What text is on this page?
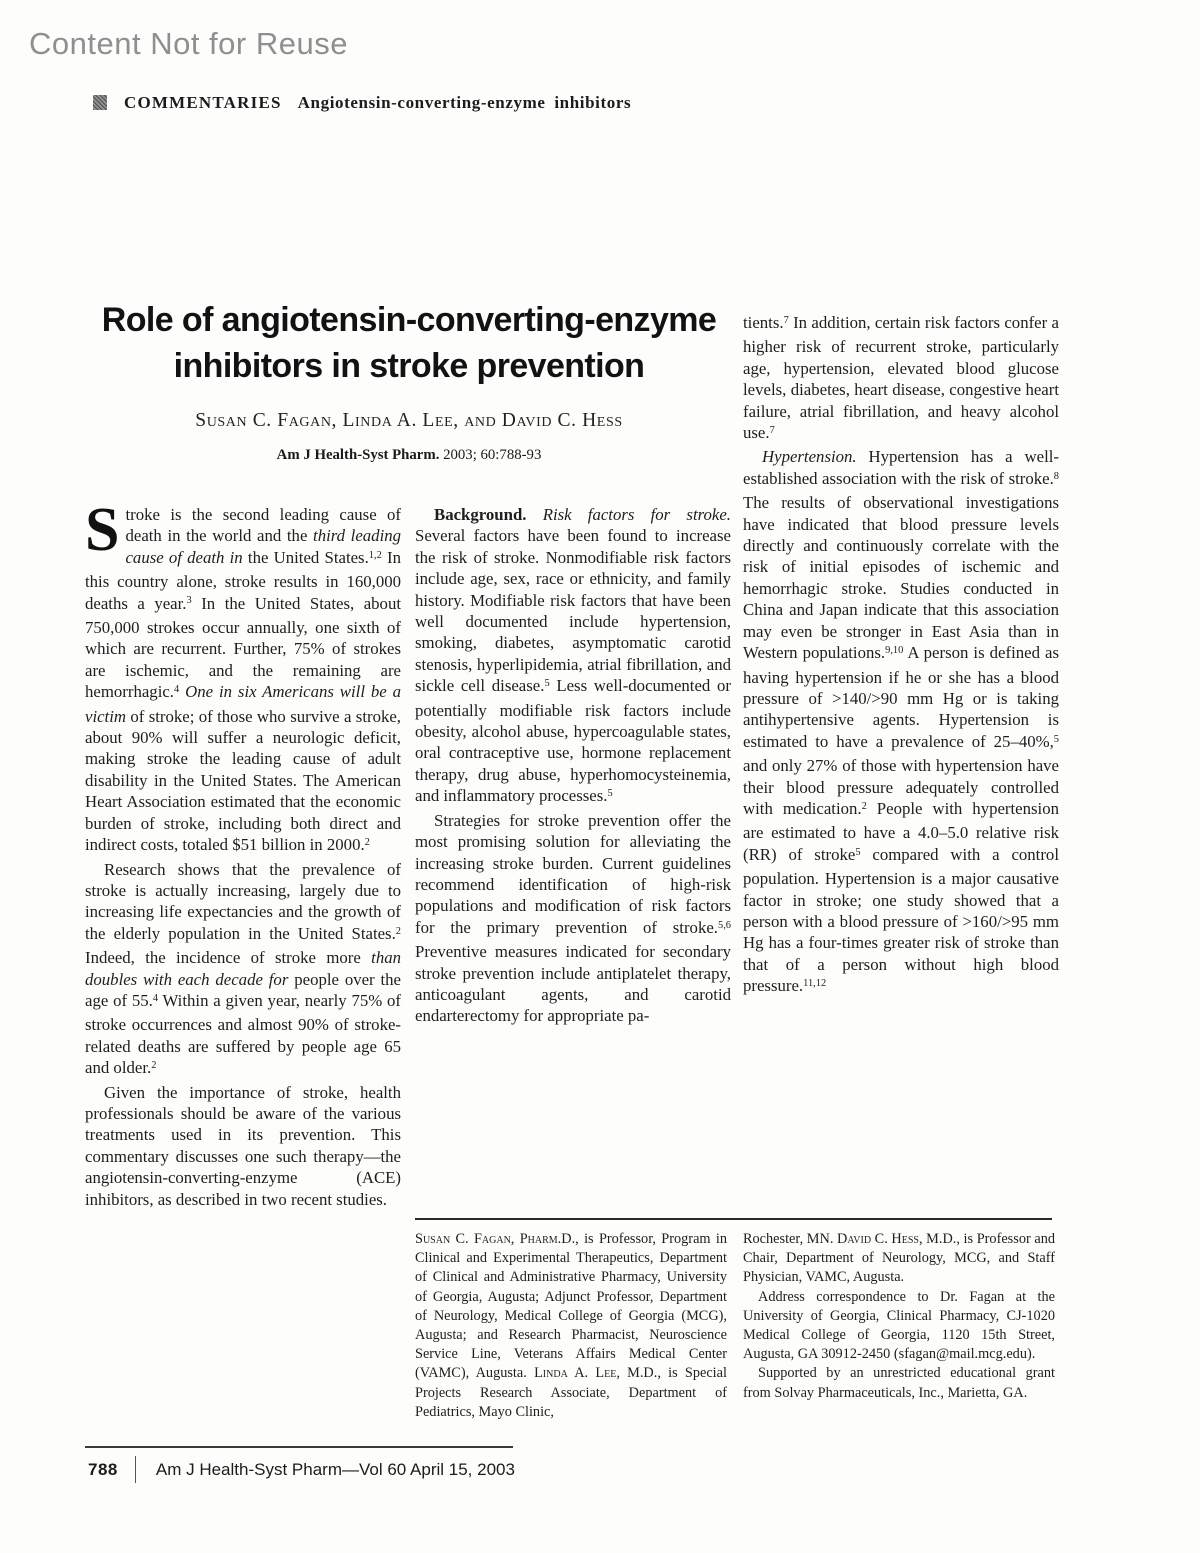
Content Not for Reuse
COMMENTARIES Angiotensin-converting-enzyme inhibitors
Role of angiotensin-converting-enzyme
inhibitors in stroke prevention
Susan C. Fagan, Linda A. Lee, and David C. Hess
Am J Health-Syst Pharm. 2003; 60:788-93

Stroke is the second leading cause of death in the world and the third leading cause of death in the United States.$^{1,2}$ In this country alone, stroke results in 160,000 deaths a year.$^3$ In the United States, about 750,000 strokes occur annually, one sixth of which are recurrent. Further, 75% of strokes are ischemic, and the remaining are hemorrhagic.$^4$ One in six Americans will be a victim of stroke; of those who survive a stroke, about 90% will suffer a neurologic deficit, making stroke the leading cause of adult disability in the United States. The American Heart Association estimated that the economic burden of stroke, including both direct and indirect costs, totaled $51 billion in 2000.$^2$

Research shows that the prevalence of stroke is actually increasing, largely due to increasing life expectancies and the growth of the elderly population in the United States.$^2$ Indeed, the incidence of stroke more than doubles with each decade for people over the age of 55.$^4$ Within a given year, nearly 75% of stroke occurrences and almost 90% of stroke-related deaths are suffered by people age 65 and older.$^2$

Given the importance of stroke, health professionals should be aware of the various treatments used in its prevention. This commentary discusses one such therapy—the angiotensin-converting-enzyme (ACE) inhibitors, as described in two recent studies.

Background. Risk factors for stroke. Several factors have been found to increase the risk of stroke. Nonmodifiable risk factors include age, sex, race or ethnicity, and family history. Modifiable risk factors that have been well documented include hypertension, smoking, diabetes, asymptomatic carotid stenosis, hyperlipidemia, atrial fibrillation, and sickle cell disease.$^5$ Less well-documented or potentially modifiable risk factors include obesity, alcohol abuse, hypercoagulable states, oral contraceptive use, hormone replacement therapy, drug abuse, hyperhomocysteinemia, and inflammatory processes.$^5$

Strategies for stroke prevention offer the most promising solution for alleviating the increasing stroke burden. Current guidelines recommend identification of high-risk populations and modification of risk factors for the primary prevention of stroke.$^{5,6}$ Preventive measures indicated for secondary stroke prevention include antiplatelet therapy, anticoagulant agents, and carotid endarterectomy for appropriate pa-

tients.$^7$ In addition, certain risk factors confer a higher risk of recurrent stroke, particularly age, hypertension, elevated blood glucose levels, diabetes, heart disease, congestive heart failure, atrial fibrillation, and heavy alcohol use.$^7$

Hypertension. Hypertension has a well-established association with the risk of stroke.$^8$ The results of observational investigations have indicated that blood pressure levels directly and continuously correlate with the risk of initial episodes of ischemic and hemorrhagic stroke. Studies conducted in China and Japan indicate that this association may even be stronger in East Asia than in Western populations.$^{9,10}$ A person is defined as having hypertension if he or she has a blood pressure of >140/>90 mm Hg or is taking antihypertensive agents. Hypertension is estimated to have a prevalence of 25–40%,$^5$ and only 27% of those with hypertension have their blood pressure adequately controlled with medication.$^2$ People with hypertension are estimated to have a 4.0–5.0 relative risk (RR) of stroke$^5$ compared with a control population. Hypertension is a major causative factor in stroke; one study showed that a person with a blood pressure of >160/>95 mm Hg has a four-times greater risk of stroke than that of a person without high blood pressure.$^{11,12}$

Susan C. Fagan, Pharm.D., is Professor, Program in Clinical and Experimental Therapeutics, Department of Clinical and Administrative Pharmacy, University of Georgia, Augusta; Adjunct Professor, Department of Neurology, Medical College of Georgia (MCG), Augusta; and Research Pharmacist, Neuroscience Service Line, Veterans Affairs Medical Center (VAMC), Augusta. Linda A. Lee, M.D., is Special Projects Research Associate, Department of Pediatrics, Mayo Clinic,

Rochester, MN. David C. Hess, M.D., is Professor and Chair, Department of Neurology, MCG, and Staff Physician, VAMC, Augusta.

Address correspondence to Dr. Fagan at the University of Georgia, Clinical Pharmacy, CJ-1020 Medical College of Georgia, 1120 15th Street, Augusta, GA 30912-2450 (sfagan@mail.mcg.edu).

Supported by an unrestricted educational grant from Solvay Pharmaceuticals, Inc., Marietta, GA.

788 Am J Health-Syst Pharm—Vol 60 April 15, 2003
